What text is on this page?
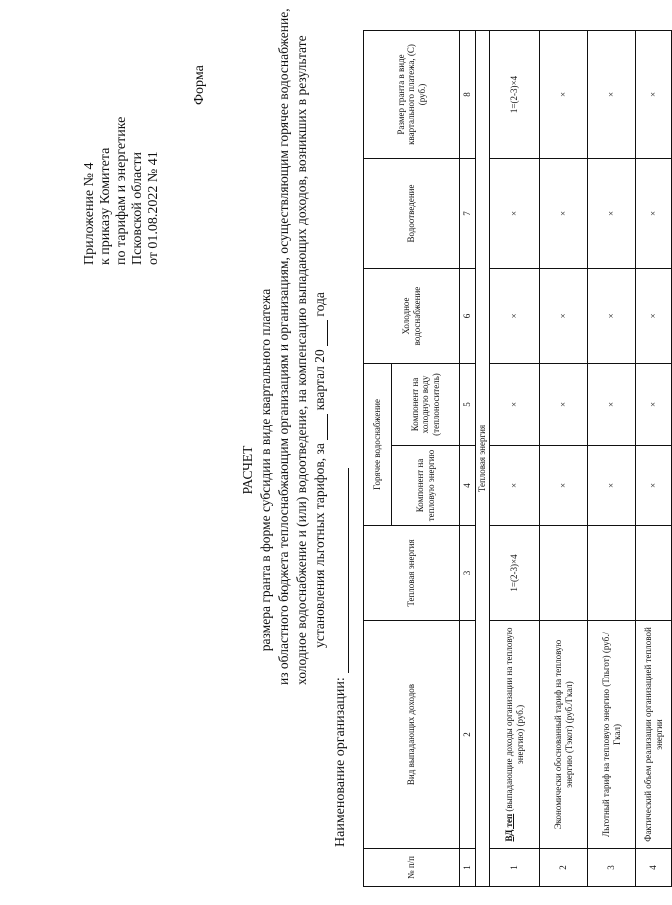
Приложение № 4 к приказу Комитета по тарифам и энергетике Псковской области от 01.08.2022 № 41
Форма
РАСЧЕТ размера гранта в форме субсидии в виде квартального платежа из областного бюджета теплоснабжающим организациям и организациям, осуществляющим горячее водоснабжение, холодное водоснабжение и (или) водоотведение, на компенсацию выпадающих доходов, возникших в результате установления льготных тарифов, за  квартал 20  года
Наименование организации:
№ п/п	Вид выпадающих доходов	Тепловая энергия	Горячее водоснабжение		Холодное водоснабжение	Водоотведение	Размер гранта в виде квартального платежа, (C) (руб.)
			Компонент на тепловую энергию	Компонент на холодную воду (теплоноситель)			
1	2	3	4	5	6	7	8
Тепловая энергия							
1	ВД теп (выпадающие доходы организации на тепловую энергию) (руб.)	1=(2-3)×4	×	×	×	×	1=(2-3)×4
2	Экономически обоснованный тариф на тепловую энергию (Тэкот) (руб./Гкал)		×	×	×	×	×
3	Льготный тариф на тепловую энергию (Тльгот) (руб./Гкал)		×	×	×	×	×
4	Фактический объем реализации организацией тепловой энергии		×	×	×	×	×
